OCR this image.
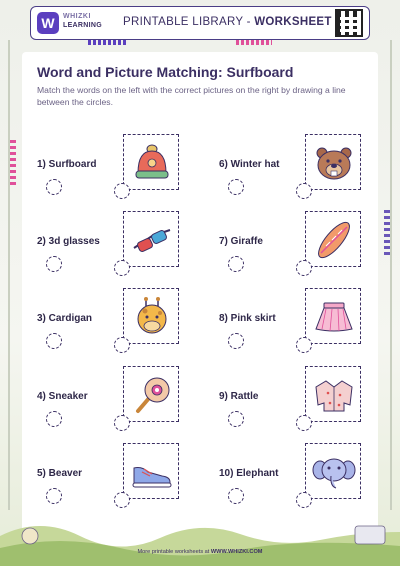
W	WHIZKI
LEARNING PRINTABLE LIBRARY - WORKSHEET
Word and Picture Matching: Surfboard
Match the words on the left with the correct pictures on the right by drawing a line between the circles.
1) Surfboard
2) 3d glasses
3) Cardigan
4) Sneaker
5) Beaver
6) Winter hat
7) Giraffe
8) Pink skirt
9) Rattle
10) Elephant
More printable worksheets at WWW.WHIZKI.COM
